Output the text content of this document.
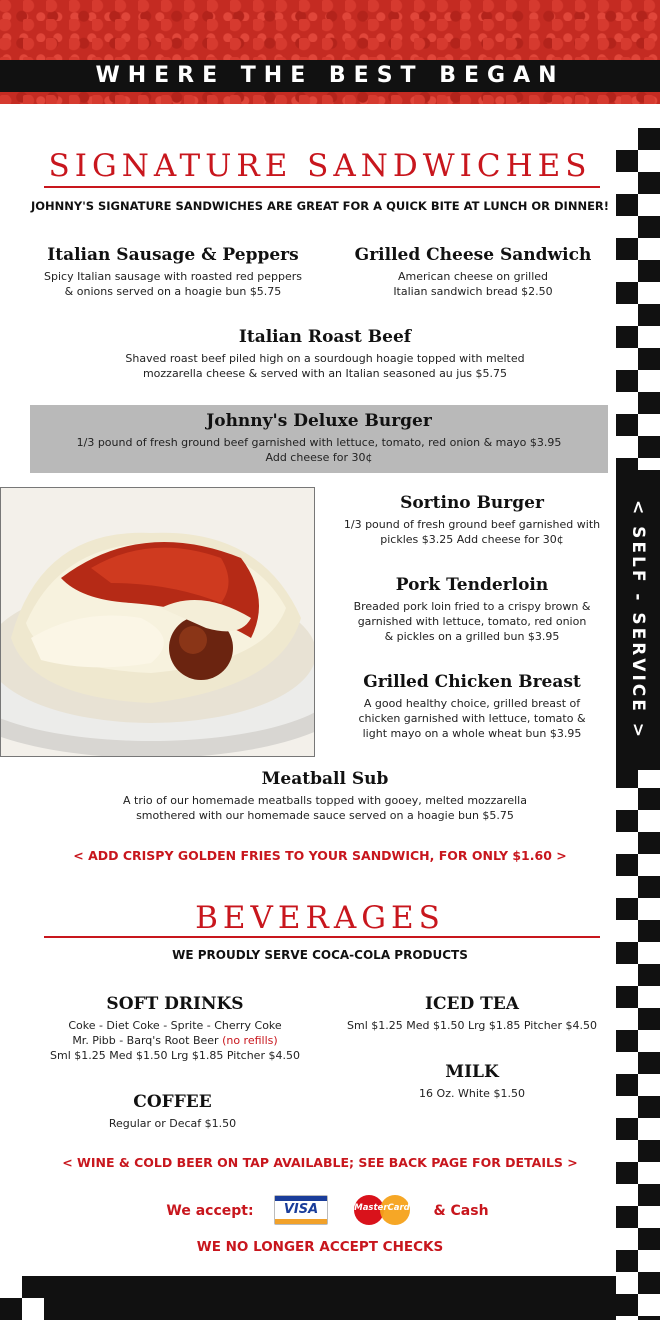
WHERE THE BEST BEGAN
< SELF - SERVICE >
SIGNATURE SANDWICHES
JOHNNY'S SIGNATURE SANDWICHES ARE GREAT FOR A QUICK BITE AT LUNCH OR DINNER!
Italian Sausage & Peppers
Spicy Italian sausage with roasted red peppers
& onions served on a hoagie bun $5.75
Grilled Cheese Sandwich
American cheese on grilled
Italian sandwich bread $2.50
Italian Roast Beef
Shaved roast beef piled high on a sourdough hoagie topped with melted
mozzarella cheese & served with an Italian seasoned au jus $5.75
Johnny's Deluxe Burger
1/3 pound of fresh ground beef garnished with lettuce, tomato, red onion & mayo $3.95
Add cheese for 30¢
Sortino Burger
1/3 pound of fresh ground beef garnished with
pickles $3.25 Add cheese for 30¢
Pork Tenderloin
Breaded pork loin fried to a crispy brown &
garnished with lettuce, tomato, red onion
& pickles on a grilled bun $3.95
Grilled Chicken Breast
A good healthy choice, grilled breast of
chicken garnished with lettuce, tomato &
light mayo on a whole wheat bun $3.95
Meatball Sub
A trio of our homemade meatballs topped with gooey, melted mozzarella
smothered with our homemade sauce served on a hoagie bun $5.75
< ADD CRISPY GOLDEN FRIES TO YOUR SANDWICH, FOR ONLY $1.60 >
BEVERAGES
WE PROUDLY SERVE COCA-COLA PRODUCTS
SOFT DRINKS
Coke - Diet Coke - Sprite - Cherry Coke
Mr. Pibb - Barq's Root Beer (no refills)
Sml $1.25 Med $1.50 Lrg $1.85 Pitcher $4.50
ICED TEA
Sml $1.25 Med $1.50 Lrg $1.85 Pitcher $4.50
MILK
16 Oz. White $1.50
COFFEE
Regular or Decaf $1.50
< WINE & COLD BEER ON TAP AVAILABLE; SEE BACK PAGE FOR DETAILS >
We accept:	VISA	MasterCard	& Cash
WE NO LONGER ACCEPT CHECKS
